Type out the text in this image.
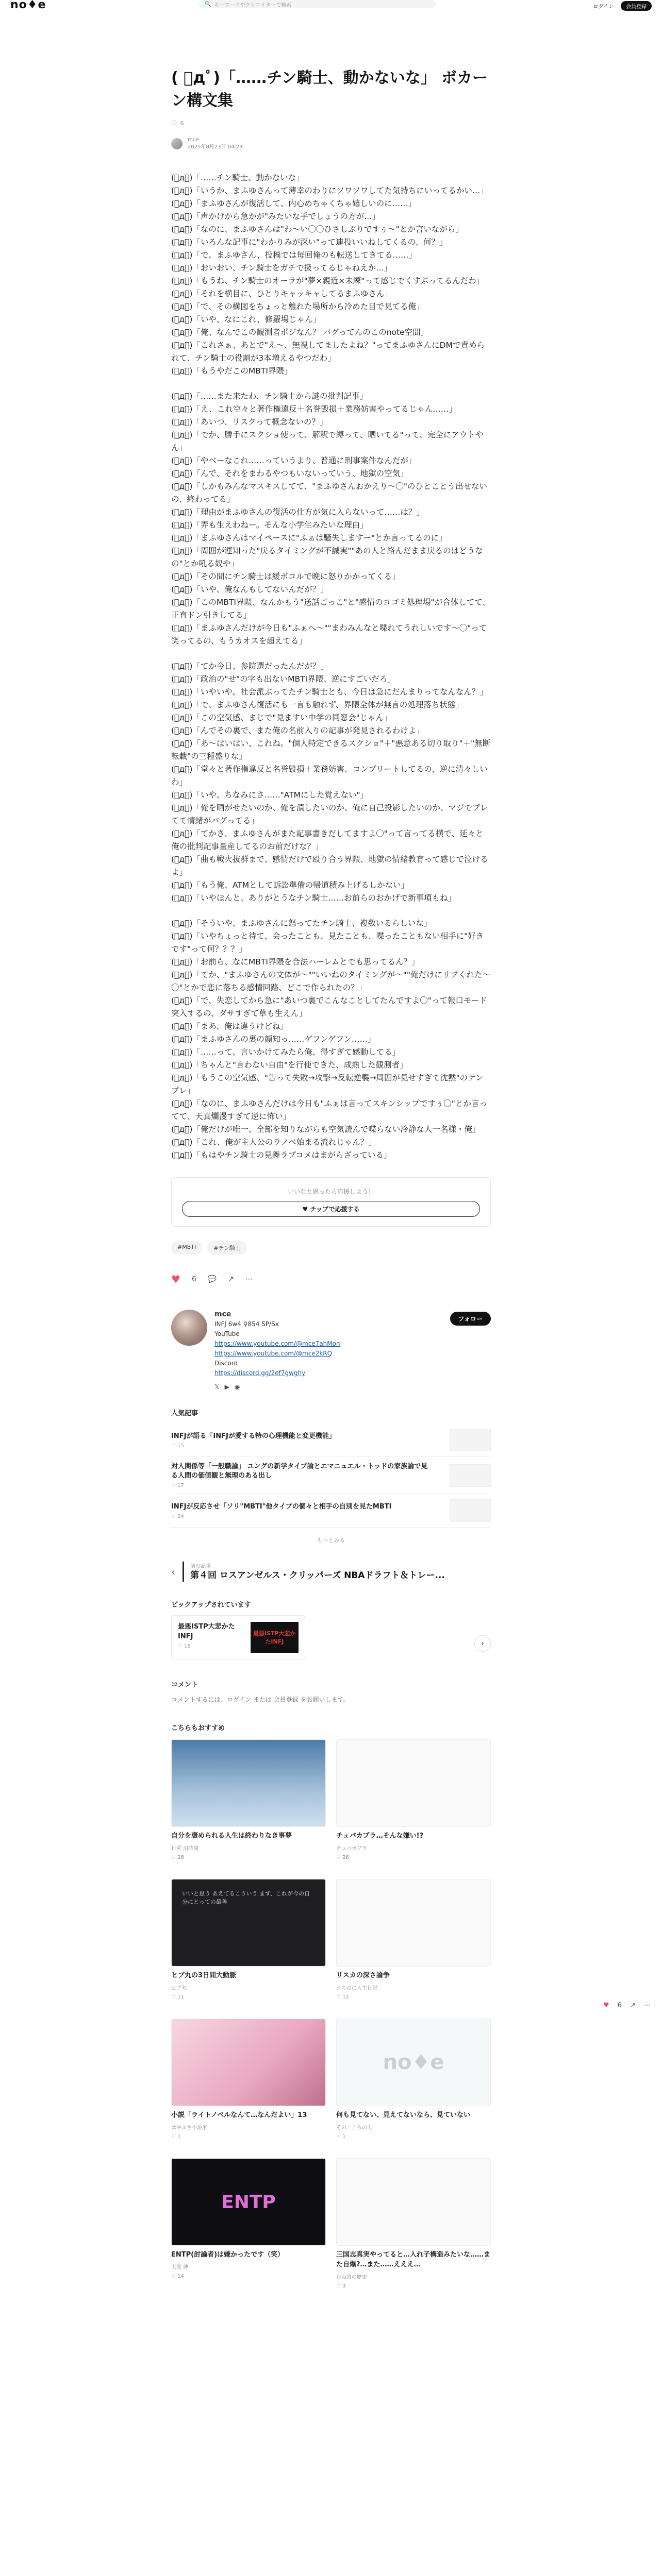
no♦e	🔍 キーワードやクリエイターで検索	ログイン	会員登録
( ﾟдﾟ)「……チン騎士、動かないな」 ボカーン構文集
♡ 6
mce
2025年8月23日 04:23

(゚д゚)「……チン騎士、動かないな」

(゚д゚)「いうか、まふゆさんって薄幸のわりにソワソワしてた気持ちにいってるかい…」

(゚д゚)「まふゆさんが復活して、内心めちゃくちゃ嬉しいのに……」

(゚д゚)「声かけから急かが"みたいな手でしょうの方が…」

(゚д゚)「なのに、まふゆさんは"わ〜い〇〇ひさしぶりですぅ〜"とか言いながら」

(゚д゚)「いろんな記事に"わかりみが深い"って連投いいねしてくるの、何？」

(゚д゚)「で、まふゆさん、投稿では毎回俺のも転送してきてる……」

(゚д゚)「おいおい、チン騎士をガチで扱ってるじゃねえか…」

(゚д゚)「もうね、チン騎士のオーラが"夢×親近×未練"って感じでくすぶってるんだわ」

(゚д゚)「それを横目に、ひとりキャッキャしてるまふゆさん」

(゚д゚)「で、その構図をちょっと離れた場所から冷めた目で見てる俺」

(゚д゚)「いや、なにこれ、修羅場じゃん」

(゚д゚)「俺、なんでこの観測者ポジなん？ バグってんのこのnote空間」

(゚д゚)「これさぁ、あとで"え〜、無視してましたよね？"ってまふゆさんにDMで責められて、チン騎士の役割が3本増えるやつだわ」

(゚д゚)「もうやだこのMBTI界隈」

(゚д゚)「……また来たわ、チン騎士から謎の批判記事」

(゚д゚)「え、これ空々と著作権違反＋名誉毀損＋業務妨害やってるじゃん……」

(゚д゚)「あいつ、リスクって概念ないの？」

(゚д゚)「でか、勝手にスクショ使って、解釈で縛って、晒いてる"って、完全にアウトやん」

(゚д゚)「やべーなこれ……っていうより、普通に刑事案件なんだが」

(゚д゚)「んで、それをまわるやつもいないっていう、地獄の空気」

(゚д゚)「しかもみんなマスキスしてて、"まふゆさんおかえり〜〇"のひとことう出せないの、終わってる」

(゚д゚)「理由がまふゆさんの復活の仕方が気に入らないって……は？」

(゚д゚)「弄も生えわねー。そんな小学生みたいな理由」

(゚д゚)「まふゆさんはマイペースに"ふぁは騒失しますー"とか言ってるのに」

(゚д゚)「周囲が運知った"戻るタイミングが不誠実""あの人と絡んだまま戻るのはどうなの"とか吼る奴や」

(゚д゚)「その間にチン騎士は緩ボコルで晩に怒りかかってくる」

(゚д゚)「いや、俺なんもしてないんだが？」

(゚д゚)「このMBTI界隈、なんかもう"送話ごっこ"と"感情のヨゴミ処理場"が合体してて、正直ドン引きしてる」

(゚д゚)「まふゆさんだけが今日も"ふぁへ〜""まわみんなと喋れてうれしいです〜〇"って笑ってるの、もうカオスを超えてる」

(゚д゚)「てか今日、参院選だったんだが？」

(゚д゚)「政治の"せ"の字も出ないMBTI界隈、逆にすごいだろ」

(゚д゚)「いやいや、社会派ぶってたチン騎士とも、今日は急にだんまりってなんなん？」

(゚д゚)「で、まふゆさん復活にも一言も触れず、界隈全体が無言の処理落ち状態」

(゚д゚)「この空気感、まじで"見ますい中学の同窓会"じゃん」

(゚д゚)「んでその裏で、また俺の名前入りの記事が発見されるわけよ」

(゚д゚)「あ〜はいはい、これね。"個人特定できるスクショ"＋"悪意ある切り取り"＋"無断転載"の三種盛りな」

(゚д゚)「堂々と著作権違反と名誉毀損＋業務妨害、コンプリートしてるの、逆に清々しいわ」

(゚д゚)「いや、ちなみにさ……"ATMにした覚えない"」

(゚д゚)「俺を晒がせたいのか、俺を潰したいのか、俺に自己投影したいのか、マジでブレてて情緒がバグってる」

(゚д゚)「てかさ、まふゆさんがまた記事書きだしてますよ〇"って言ってる横で、延々と俺の批判記事量産してるのお前だけな？」

(゚д゚)「曲も戦火抜群まで、感情だけで殴り合う界隈、地獄の情緒教育って感じで泣けるよ」

(゚д゚)「もう俺、ATMとして訴訟準備の帰道積み上げるしかない」

(゚д゚)「いやほんと、ありがとうなチン騎士……お前らのおかげで新事項もね」

(゚д゚)「そういや、まふゆさんに怒ってたチン騎士、複数いるらしいな」

(゚д゚)「いやちょっと待て、会ったことも、見たことも、喋ったこともない相手に"好きです"って何？？？」

(゚д゚)「お前ら、なにMBTI界隈を合法ハーレムとでも思ってるん？」

(゚д゚)「てか、"まふゆさんの文体が〜""いいねのタイミングが〜""俺だけにリプくれた〜〇"とかで恋に落ちる感情回路、どこで作られたの？」

(゚д゚)「で、失恋してから急に"あいつ裏でこんなことしてたんですよ〇"って報口モード突入するの、ダサすぎて草も生えん」

(゚д゚)「まあ、俺は違うけどね」

(゚д゚)「まふゆさんの裏の顔知っ……ゲフンゲフン……」

(゚д゚)「……って、言いかけてみたら俺、得すぎて感動してる」

(゚д゚)「ちゃんと"言わない自由"を行使できた、成熟した観測者」

(゚д゚)「もうこの空気感、"告って失敗→攻撃→反転逆襲→周囲が見せすぎて沈黙"のテンプレ」

(゚д゚)「なのに、まふゆさんだけは今日も"ふぁは言ってスキンシップですぅ〇"とか言ってて、天真爛漫すぎて逆に怖い」

(゚д゚)「俺だけが唯一、全部を知りながらも空気読んで喋らない冷静な人一名様・俺」

(゚д゚)「これ、俺が主人公のラノベ始まる流れじゃん？」

(゚д゚)「もはやチン騎士の見舞ラブコメはまがらざっている」

いいなと思ったら応援しよう！
♥ チップで応援する
#MBTI	#チン騎士
♥ 6 💬 ↗ ⋯
mce
INFJ 6w4 ♀854 SP/Sx
YouTube
https://www.youtube.com/@mce7ahMon
https://www.youtube.com/@mce2kRQ
Discord
https://discord.gg/2ef7gwghy
𝕏 ▶ ◉
フォロー
人気記事
INFJが語る「INFJが愛する特の心理機能と変更機能」
♡ 15
対人関係等「一般職論」 ユングの新学タイプ論とエマニュエル・トッドの家族論で見る人間の価値観と無理のある出し
♡ 17
INFJが反応させ「ソリ"MBTI"他タイプの個々と相手の自別を見たMBTI
♡ 24
もっとみる
‹	前の記事
第４回 ロスアンゼルス・クリッパーズ NBAドラフト＆トレー...
ピックアップされています
最悪ISTP大悲かたINFJ
♡ 18
最悪ISTP大悲かたINFJ	›
コメント
コメントするには、ログイン または 会員登録 をお願いします。
こちらもおすすめ
自分を褒められる人生は終わりなき事夢
日常 沼時間
♡ 28
チュパカブラ…そんな嫌い!?
チュパカブラ
♡ 26
いいと思う あえてるこういう まず、これが今の自分にとっての最善
ヒプ丸の3日間大動脈
ヒプ丸
♡ 11
リスカの深さ論争
まちのに人生日記
♡ 12
小説「ライトノベルなんて…なんだよい」13
はやぶさ小説家
♡ 1
no♦e
何も見てない、見えてないなら、見ていない
そのこころの人
♡ 1
ENTP
ENTP(討論者)は嫌かったです（笑）
大黒 博
♡ 14
三国志真実やってると…入れ子構造みたいな……また自爆?…また……えええ…
むね宮の歴史
♡ 3
♥ 6 ↗ ⋯
